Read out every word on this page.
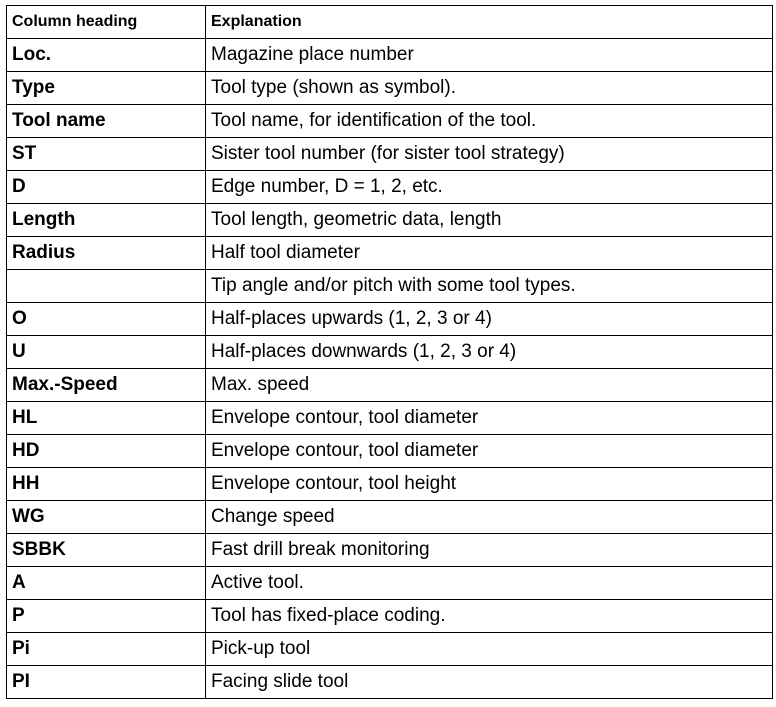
Column heading	Explanation
Loc.	Magazine place number
Type	Tool type (shown as symbol).
Tool name	Tool name, for identification of the tool.
ST	Sister tool number (for sister tool strategy)
D	Edge number, D = 1, 2, etc.
Length	Tool length, geometric data, length
Radius	Half tool diameter
	Tip angle and/or pitch with some tool types.
O	Half-places upwards (1, 2, 3 or 4)
U	Half-places downwards (1, 2, 3 or 4)
Max.-Speed	Max. speed
HL	Envelope contour, tool diameter
HD	Envelope contour, tool diameter
HH	Envelope contour, tool height
WG	Change speed
SBBK	Fast drill break monitoring
A	Active tool.
P	Tool has fixed-place coding.
Pi	Pick-up tool
PI	Facing slide tool
